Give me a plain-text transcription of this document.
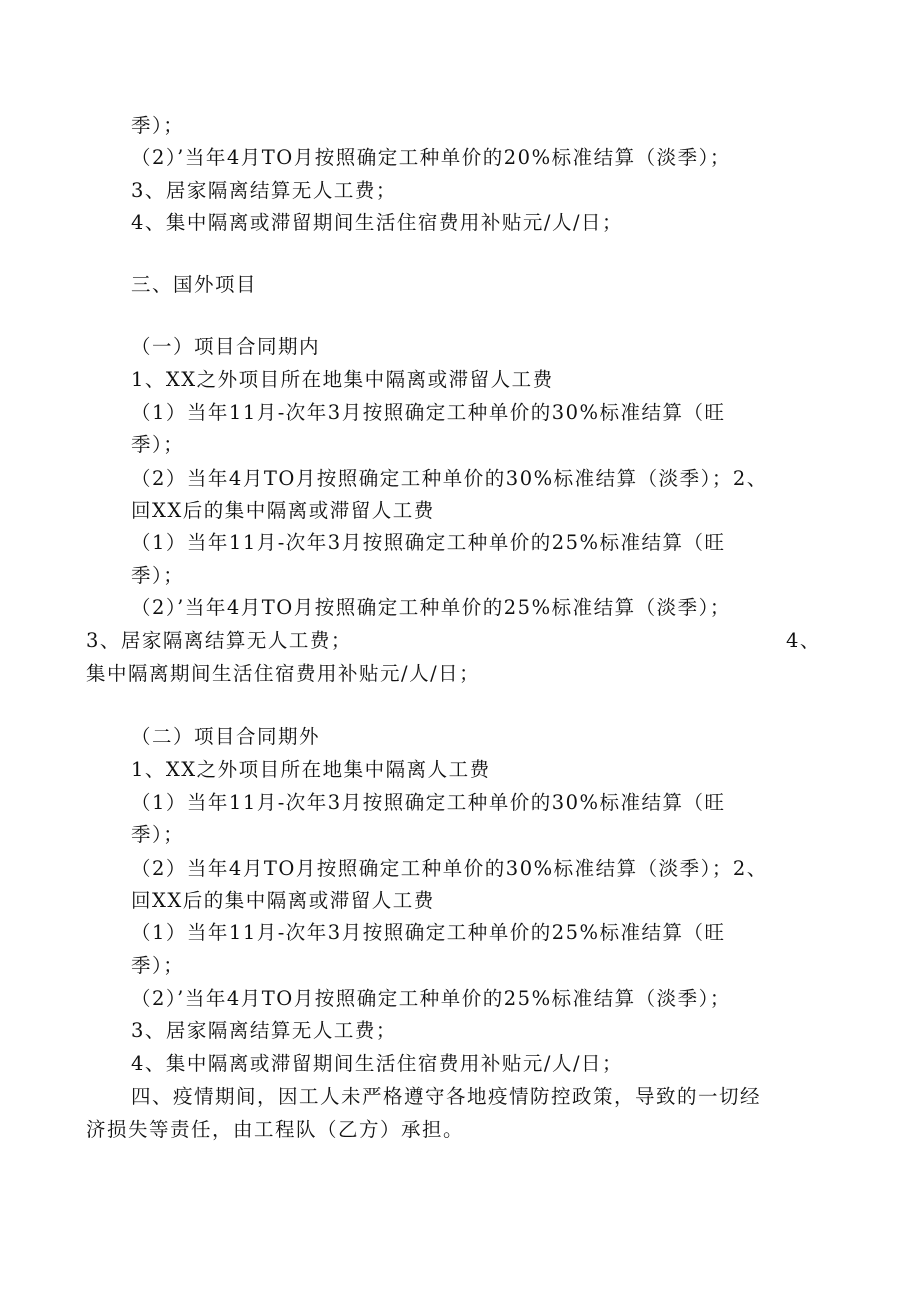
季）；
（2）’当年4月TO月按照确定工种单价的20%标准结算（淡季）；
3、居家隔离结算无人工费；
4、集中隔离或滞留期间生活住宿费用补贴元/人/日；
三、国外项目
（一）项目合同期内
1、XX之外项目所在地集中隔离或滞留人工费
（1）当年11月-次年3月按照确定工种单价的30%标准结算（旺
季）；
（2）当年4月TO月按照确定工种单价的30%标准结算（淡季）；2、
回XX后的集中隔离或滞留人工费
（1）当年11月-次年3月按照确定工种单价的25%标准结算（旺
季）；
（2）’当年4月TO月按照确定工种单价的25%标准结算（淡季）；
3、居家隔离结算无人工费；	4、
集中隔离期间生活住宿费用补贴元/人/日；
（二）项目合同期外
1、XX之外项目所在地集中隔离人工费
（1）当年11月-次年3月按照确定工种单价的30%标准结算（旺
季）；
（2）当年4月TO月按照确定工种单价的30%标准结算（淡季）；2、
回XX后的集中隔离或滞留人工费
（1）当年11月-次年3月按照确定工种单价的25%标准结算（旺
季）；
（2）’当年4月TO月按照确定工种单价的25%标准结算（淡季）；
3、居家隔离结算无人工费；
4、集中隔离或滞留期间生活住宿费用补贴元/人/日；
四、疫情期间，因工人未严格遵守各地疫情防控政策，导致的一切经
济损失等责任，由工程队（乙方）承担。
